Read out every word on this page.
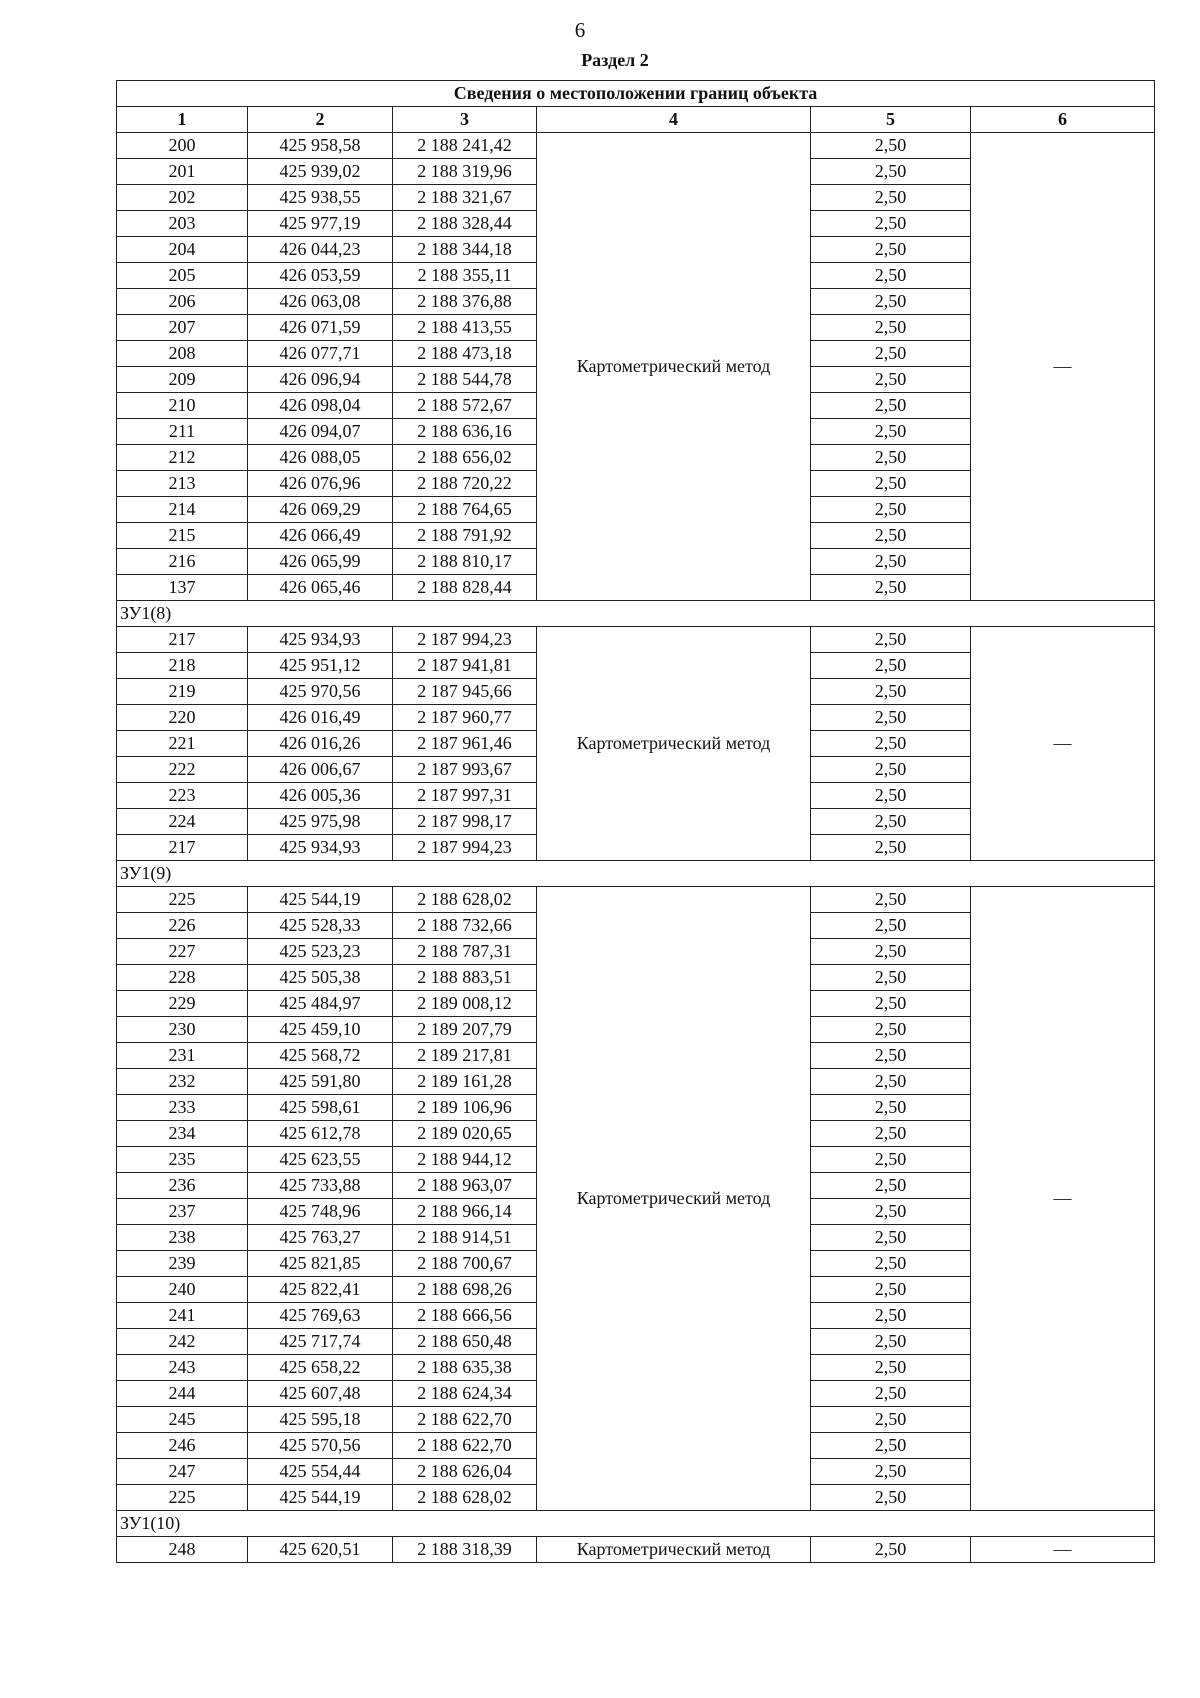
6
Раздел 2
Сведения о местоположении границ объекта					
1	2	3	4	5	6
200	425 958,58	2 188 241,42	Картометрический метод	2,50	—
201	425 939,02	2 188 319,96		2,50	
202	425 938,55	2 188 321,67		2,50	
203	425 977,19	2 188 328,44		2,50	
204	426 044,23	2 188 344,18		2,50	
205	426 053,59	2 188 355,11		2,50	
206	426 063,08	2 188 376,88		2,50	
207	426 071,59	2 188 413,55		2,50	
208	426 077,71	2 188 473,18		2,50	
209	426 096,94	2 188 544,78		2,50	
210	426 098,04	2 188 572,67		2,50	
211	426 094,07	2 188 636,16		2,50	
212	426 088,05	2 188 656,02		2,50	
213	426 076,96	2 188 720,22		2,50	
214	426 069,29	2 188 764,65		2,50	
215	426 066,49	2 188 791,92		2,50	
216	426 065,99	2 188 810,17		2,50	
137	426 065,46	2 188 828,44		2,50	
ЗУ1(8)					
217	425 934,93	2 187 994,23	Картометрический метод	2,50	—
218	425 951,12	2 187 941,81		2,50	
219	425 970,56	2 187 945,66		2,50	
220	426 016,49	2 187 960,77		2,50	
221	426 016,26	2 187 961,46		2,50	
222	426 006,67	2 187 993,67		2,50	
223	426 005,36	2 187 997,31		2,50	
224	425 975,98	2 187 998,17		2,50	
217	425 934,93	2 187 994,23		2,50	
ЗУ1(9)					
225	425 544,19	2 188 628,02	Картометрический метод	2,50	—
226	425 528,33	2 188 732,66		2,50	
227	425 523,23	2 188 787,31		2,50	
228	425 505,38	2 188 883,51		2,50	
229	425 484,97	2 189 008,12		2,50	
230	425 459,10	2 189 207,79		2,50	
231	425 568,72	2 189 217,81		2,50	
232	425 591,80	2 189 161,28		2,50	
233	425 598,61	2 189 106,96		2,50	
234	425 612,78	2 189 020,65		2,50	
235	425 623,55	2 188 944,12		2,50	
236	425 733,88	2 188 963,07		2,50	
237	425 748,96	2 188 966,14		2,50	
238	425 763,27	2 188 914,51		2,50	
239	425 821,85	2 188 700,67		2,50	
240	425 822,41	2 188 698,26		2,50	
241	425 769,63	2 188 666,56		2,50	
242	425 717,74	2 188 650,48		2,50	
243	425 658,22	2 188 635,38		2,50	
244	425 607,48	2 188 624,34		2,50	
245	425 595,18	2 188 622,70		2,50	
246	425 570,56	2 188 622,70		2,50	
247	425 554,44	2 188 626,04		2,50	
225	425 544,19	2 188 628,02		2,50	
ЗУ1(10)					
248	425 620,51	2 188 318,39	Картометрический метод	2,50	—
